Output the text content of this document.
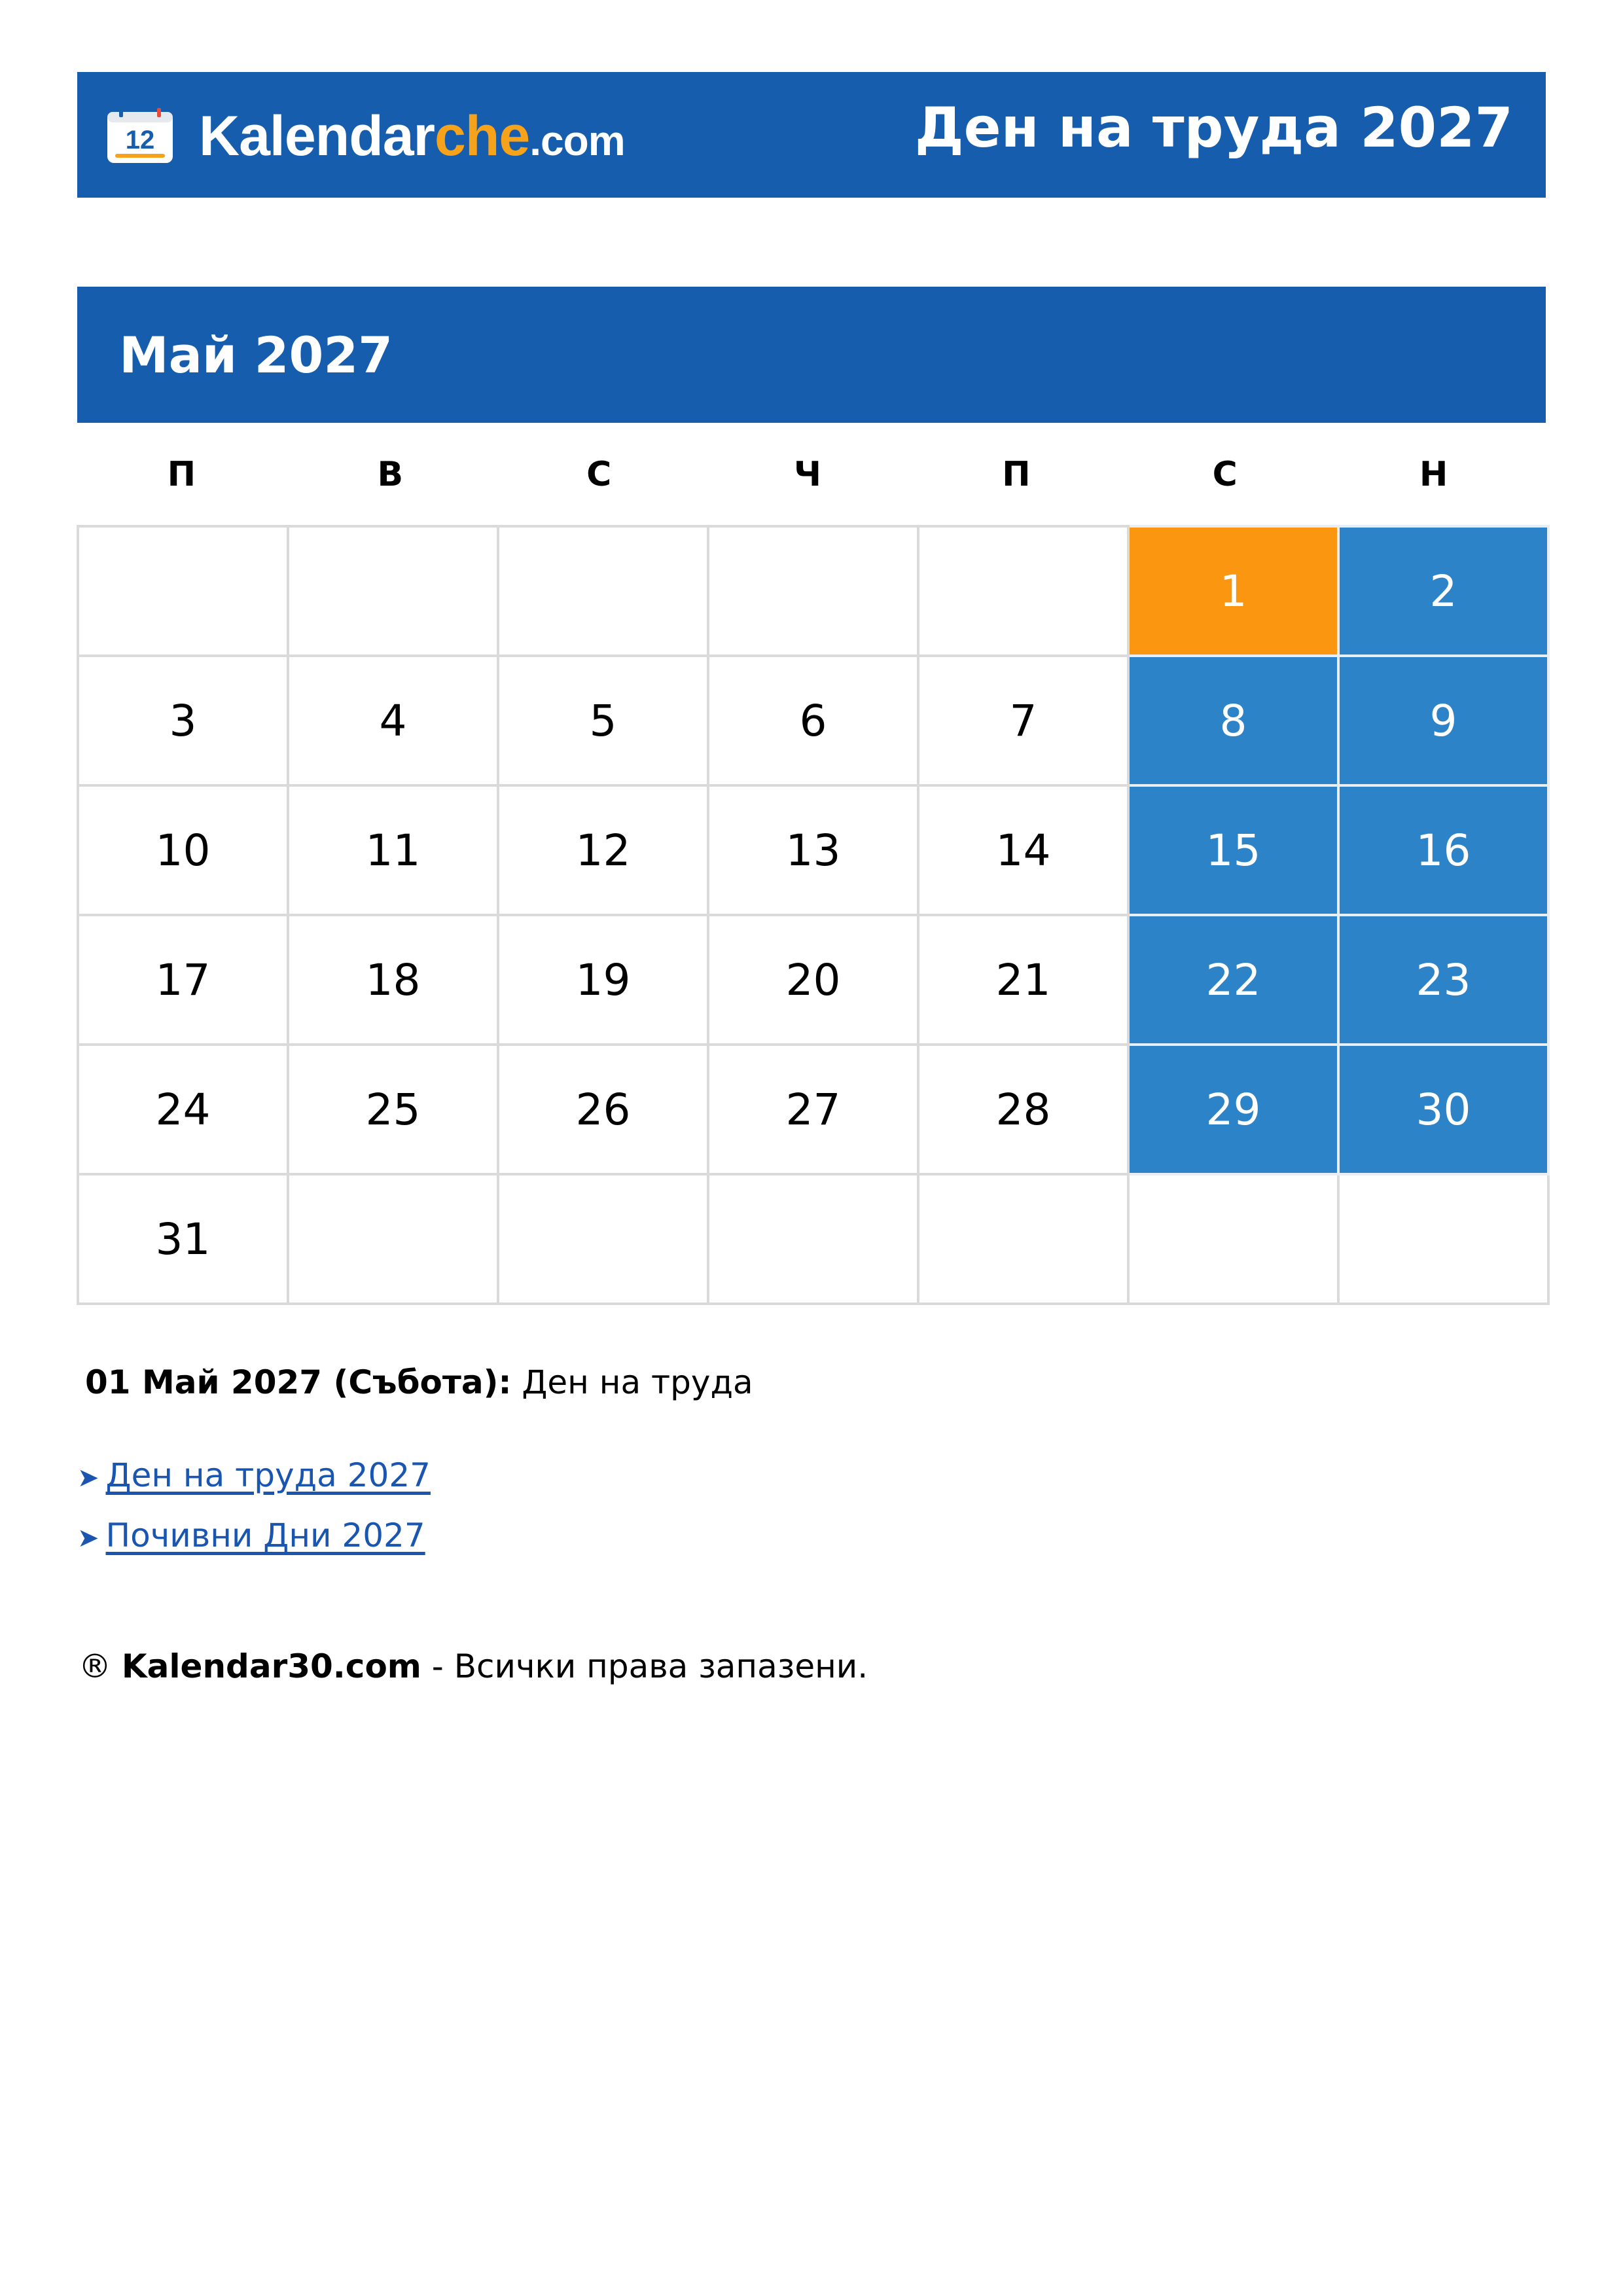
12 Kalendarche.com	Ден на труда 2027
Май 2027
П	В	С	Ч	П	С	Н
					1	2
3	4	5	6	7	8	9
10	11	12	13	14	15	16
17	18	19	20	21	22	23
24	25	26	27	28	29	30
31						
01 Май 2027 (Събота): Ден на труда
➤ Ден на труда 2027
➤ Почивни Дни 2027
® Kalendar30.com - Всички права запазени.
